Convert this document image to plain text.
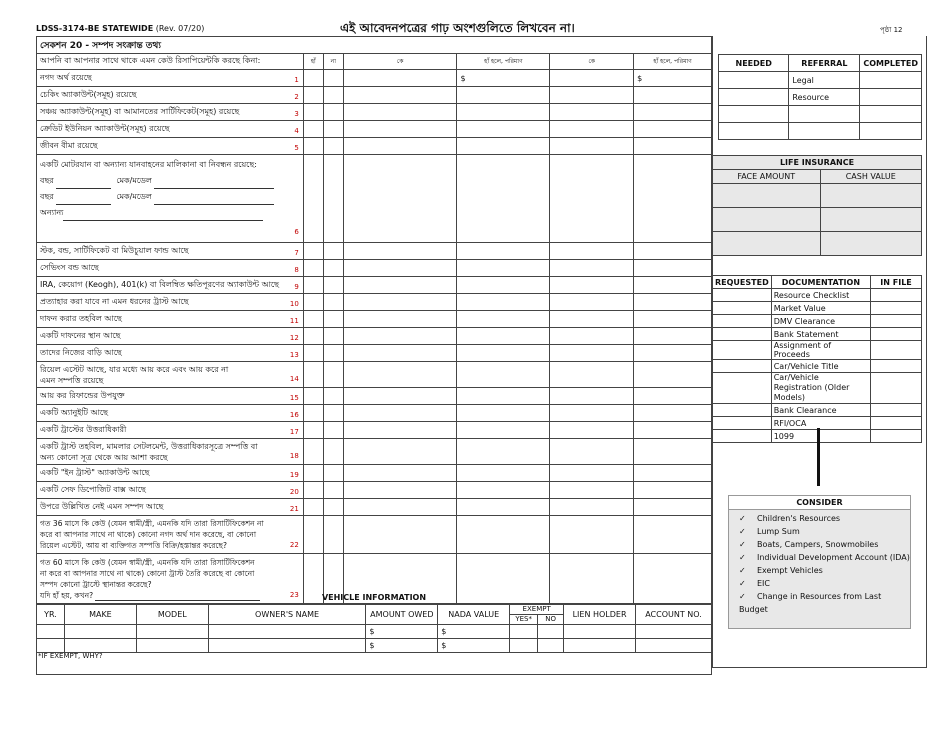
LDSS-3174-BE STATEWIDE (Rev. 07/20)	এই আবেদনপত্রের গাঢ় অংশগুলিতে লিখবেন না।	পৃষ্ঠা 12
সেকশন 20 - সম্পদ সংক্রান্ত তথ্য						
আপনি বা আপনার সাথে থাকে এমন কেউ রিসাপিয়েন্টকি করছে কিনা:	হাঁ	না	কে	হাঁ হলে, পরিমাণ	কে	হাঁ হলে, পরিমাণ
নগদ অর্থ রয়েছে 1				$		$
চেকিং অ্যাকাউন্ট(সমূহ) রয়েছে 2						

সঞ্চয় অ্যাকাউন্ট(সমূহ) বা আমানতের সার্টিফিকেট(সমূহ) রয়েছে 3						

ক্রেডিট ইউনিয়ন অ্যাকাউন্ট(সমূহ) রয়েছে 4						

জীবন বীমা রয়েছে 5						

একটি মোটরযান বা অন্যান্য যানবাহনের মালিকানা বা নিবন্ধন রয়েছে:
বছর মেক/মডেল
বছর মেক/মডেল
অন্যান্য
6						

স্টক, বন্ড, সার্টিফিকেট বা মিউচুয়াল ফান্ড আছে 7						

সেভিংস বন্ড আছে 8						

IRA, কেয়োগ (Keogh), 401(k) বা বিলম্বিত ক্ষতিপূরণের অ্যাকাউন্ট আছে 9						

প্রত্যাহার করা যাবে না এমন ধরনের ট্রাস্ট আছে 10						

দাফন করার তহবিল আছে 11						

একটি দাফনের স্থান আছে 12						

তাদের নিজের বাড়ি আছে 13						

রিয়েল এস্টেট আছে, যার মধ্যে আয় করে এবং আয় করে না
এমন সম্পত্তি রয়েছে 14						

আয় কর রিফান্ডের উপযুক্ত 15						

একটি অ্যানুইটি আছে 16						

একটি ট্রাস্টের উত্তরাধিকারী 17						

একটি ট্রাস্ট তহবিল, মামলার সেটলমেন্ট, উত্তরাধিকারসূত্রে সম্পত্তি বা
অন্য কোনো সূত্র থেকে আয় আশা করছে 18						

একটি "ইন ট্রাস্ট" অ্যাকাউন্ট আছে 19						

একটি সেফ ডিপোজিট বাক্স আছে 20						

উপরে উল্লিখিত নেই এমন সম্পদ আছে 21						

গত 36 মাসে কি কেউ (যেমন স্বামী/স্ত্রী, এমনকি যদি তারা রিসার্টিফিকেশন না
করে বা আপনার সাথে না থাকে) কোনো নগদ অর্থ দান করেছে, বা কোনো
রিয়েল এস্টেট, আয় বা ব্যক্তিগত সম্পত্তি বিক্রি/হস্তান্তর করেছে? 22						

গত 60 মাসে কি কেউ (যেমন স্বামী/স্ত্রী, এমনকি যদি তারা রিসার্টিফিকেশন
না করে বা আপনার সাথে না থাকে) কোনো ট্রাস্ট তৈরি করেছে বা কোনো
সম্পদ কোনো ট্রাস্টে স্থানান্তর করেছে?
যদি হাঁ হয়, কখন? 23						
							VEHICLE INFORMATION									
YR.	MAKE	MODEL	OWNER'S NAME	AMOUNT OWED	NADA VALUE	EXEMPT		LIEN HOLDER	ACCOUNT NO.
						YES*	NO		
				$	$				
				$	$				

*IF EXEMPT, WHY?
NEEDED	REFERRAL	COMPLETED
	Legal	
	Resource	

LIFE INSURANCE	
FACE AMOUNT	CASH VALUE

REQUESTED	DOCUMENTATION	IN FILE
	Resource Checklist	
	Market Value	
	DMV Clearance	
	Bank Statement	
	Assignment of Proceeds	
	Car/Vehicle Title	
	Car/Vehicle Registration (Older Models)	
	Bank Clearance	
	RFI/OCA	
	1099	
CONSIDER
✓ Children's Resources
✓ Lump Sum
✓ Boats, Campers, Snowmobiles
✓ Individual Development Account (IDA)
✓ Exempt Vehicles
✓ EIC
✓ Change in Resources from Last Budget
